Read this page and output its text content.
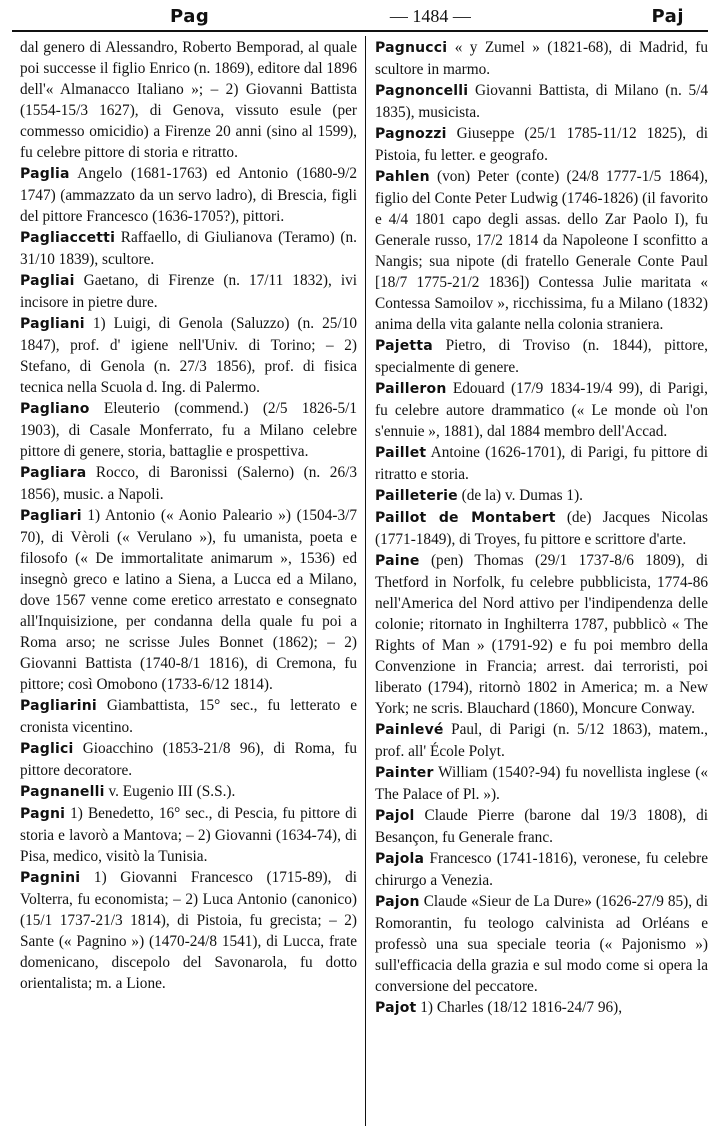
Pag	— 1484 —	Paj

dal genero di Alessandro, Roberto Bemporad, al quale poi successe il figlio Enrico (n. 1869), editore dal 1896 dell'« Almanacco Italiano »; – 2) Giovanni Battista (1554-15/3 1627), di Genova, vissuto esule (per commesso omicidio) a Firenze 20 anni (sino al 1599), fu celebre pittore di storia e ritratto.

Paglia Angelo (1681-1763) ed Antonio (1680-9/2 1747) (ammazzato da un servo ladro), di Brescia, figli del pittore Francesco (1636-1705?), pittori.

Pagliaccetti Raffaello, di Giulianova (Teramo) (n. 31/10 1839), scultore.

Pagliai Gaetano, di Firenze (n. 17/11 1832), ivi incisore in pietre dure.

Pagliani 1) Luigi, di Genola (Saluzzo) (n. 25/10 1847), prof. d' igiene nell'Univ. di Torino; – 2) Stefano, di Genola (n. 27/3 1856), prof. di fisica tecnica nella Scuola d. Ing. di Palermo.

Pagliano Eleuterio (commend.) (2/5 1826-5/1 1903), di Casale Monferrato, fu a Milano celebre pittore di genere, storia, battaglie e prospettiva.

Pagliara Rocco, di Baronissi (Salerno) (n. 26/3 1856), music. a Napoli.

Pagliari 1) Antonio (« Aonio Paleario ») (1504-3/7 70), di Vèroli (« Verulano »), fu umanista, poeta e filosofo (« De immortalitate animarum », 1536) ed insegnò greco e latino a Siena, a Lucca ed a Milano, dove 1567 venne come eretico arrestato e consegnato all'Inquisizione, per condanna della quale fu poi a Roma arso; ne scrisse Jules Bonnet (1862); – 2) Giovanni Battista (1740-8/1 1816), di Cremona, fu pittore; così Omobono (1733-6/12 1814).

Pagliarini Giambattista, 15° sec., fu letterato e cronista vicentino.

Paglici Gioacchino (1853-21/8 96), di Roma, fu pittore decoratore.

Pagnanelli v. Eugenio III (S.S.).

Pagni 1) Benedetto, 16° sec., di Pescia, fu pittore di storia e lavorò a Mantova; – 2) Giovanni (1634-74), di Pisa, medico, visitò la Tunisia.

Pagnini 1) Giovanni Francesco (1715-89), di Volterra, fu economista; – 2) Luca Antonio (canonico) (15/1 1737-21/3 1814), di Pistoia, fu grecista; – 2) Sante (« Pagnino ») (1470-24/8 1541), di Lucca, frate domenicano, discepolo del Savonarola, fu dotto orientalista; m. a Lione.

Pagnucci « y Zumel » (1821-68), di Madrid, fu scultore in marmo.

Pagnoncelli Giovanni Battista, di Milano (n. 5/4 1835), musicista.

Pagnozzi Giuseppe (25/1 1785-11/12 1825), di Pistoia, fu letter. e geografo.

Pahlen (von) Peter (conte) (24/8 1777-1/5 1864), figlio del Conte Peter Ludwig (1746-1826) (il favorito e 4/4 1801 capo degli assas. dello Zar Paolo I), fu Generale russo, 17/2 1814 da Napoleone I sconfitto a Nangis; sua nipote (di fratello Generale Conte Paul [18/7 1775-21/2 1836]) Contessa Julie maritata « Contessa Samoilov », ricchissima, fu a Milano (1832) anima della vita galante nella colonia straniera.

Pajetta Pietro, di Troviso (n. 1844), pittore, specialmente di genere.

Pailleron Edouard (17/9 1834-19/4 99), di Parigi, fu celebre autore drammatico (« Le monde où l'on s'ennuie », 1881), dal 1884 membro dell'Accad.

Paillet Antoine (1626-1701), di Parigi, fu pittore di ritratto e storia.

Pailleterie (de la) v. Dumas 1).

Paillot de Montabert (de) Jacques Nicolas (1771-1849), di Troyes, fu pittore e scrittore d'arte.

Paine (pen) Thomas (29/1 1737-8/6 1809), di Thetford in Norfolk, fu celebre pubblicista, 1774-86 nell'America del Nord attivo per l'indipendenza delle colonie; ritornato in Inghilterra 1787, pubblicò « The Rights of Man » (1791-92) e fu poi membro della Convenzione in Francia; arrest. dai terroristi, poi liberato (1794), ritornò 1802 in America; m. a New York; ne scris. Blauchard (1860), Moncure Conway.

Painlevé Paul, di Parigi (n. 5/12 1863), matem., prof. all' École Polyt.

Painter William (1540?-94) fu novellista inglese (« The Palace of Pl. »).

Pajol Claude Pierre (barone dal 19/3 1808), di Besançon, fu Generale franc.

Pajola Francesco (1741-1816), veronese, fu celebre chirurgo a Venezia.

Pajon Claude «Sieur de La Dure» (1626-27/9 85), di Romorantin, fu teologo calvinista ad Orléans e professò una sua speciale teoria (« Pajonismo ») sull'efficacia della grazia e sul modo come si opera la conversione del peccatore.

Pajot 1) Charles (18/12 1816-24/7 96),
